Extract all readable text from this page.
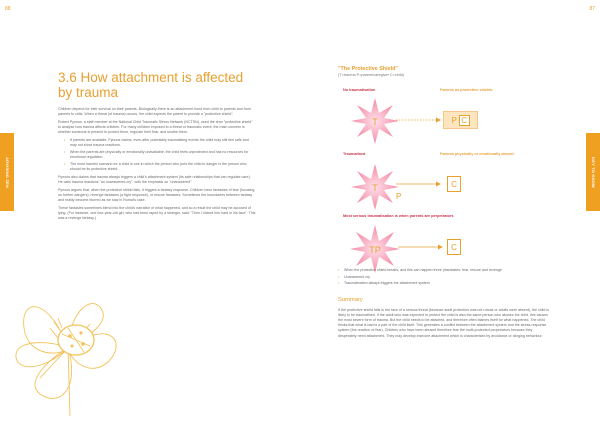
88	87
ADVISING ZEN	KEY TO KNOW
3.6 How attachment is affected
by trauma

Children depend for their survival on their parents. Biologically there is an attachment bond from child to parents and from parents to child. When a threat (of trauma) occurs, the child expects the parent to provide a "protective shield".

Robert Pynoos, a staff member at the National Child Traumatic Stress Network (NCTSN), used the term "protective shield" to analyse how trauma affects children. For many children exposed to a threat or traumatic event, the main concern is whether someone is present to protect them, regulate their fear, and soothe them.

•	If parents are available, Pynoos claims, even after potentially traumatising events the child may still feel safe and may not show trauma reactions.
•	When the parents are physically or emotionally unavailable, the child feels unprotected and has no resources for emotional regulation.
•	The most harmful scenario for a child is one in which the person who puts the child in danger is the person who should be its protective shield.

Pynoos also claims that trauma always triggers a child's attachment system (its safe relationships that can regulate care). He calls trauma reactions "an unanswered cry", with the emphasis on "unanswered".

Pynoos argues that, when the protective shield fails, it triggers a fantasy response. Children have fantasies of fear (focusing on further dangers), revenge fantasies (a fight response), or rescue fantasies. Sometimes the boundaries between fantasy and reality become blurred as we saw in Romai's case.

These fantasies sometimes blend into the child's narrative of what happened, and so a result the child may be accused of lying. (For instance, one four-year-old girl, who had been raped by a stranger, said: "Then I kicked him hard in his face". This was a revenge fantasy.)

"The Protective Shield"

(T=trauma P=parent/caregiver C=child)

No traumatisation	Parents as protective shields
T	P C
Traumatised	Parents physically or emotionally absent
T
P
C
Most serious traumatisation is when parents are perpetrators
TP	C
•	When the protective shield breaks, and this can happen three phantasies: fear, rescue and revenge
•	Unanswered cry
•	Traumatisation always triggers the attachment system
Summary

If the protective shield fails in the face of a serious threat (because adult protection was not robust or adults were absent), the child is likely to be traumatised. If the adult who was expected to protect the child is also the same person who abuses the child, this causes the most severe form of trauma. But the child needs to be attached, and therefore often blames itself for what happened. The child thinks that what is bad is a part of the child itself. This generates a conflict between the attachment system and the stress-response system (the reaction of fear). Children who have been abused therefore fear the multi-protected perpetrators because they desperately need attachment. They may develop insecure attachment which is characterised by avoidance or clinging behaviour.
